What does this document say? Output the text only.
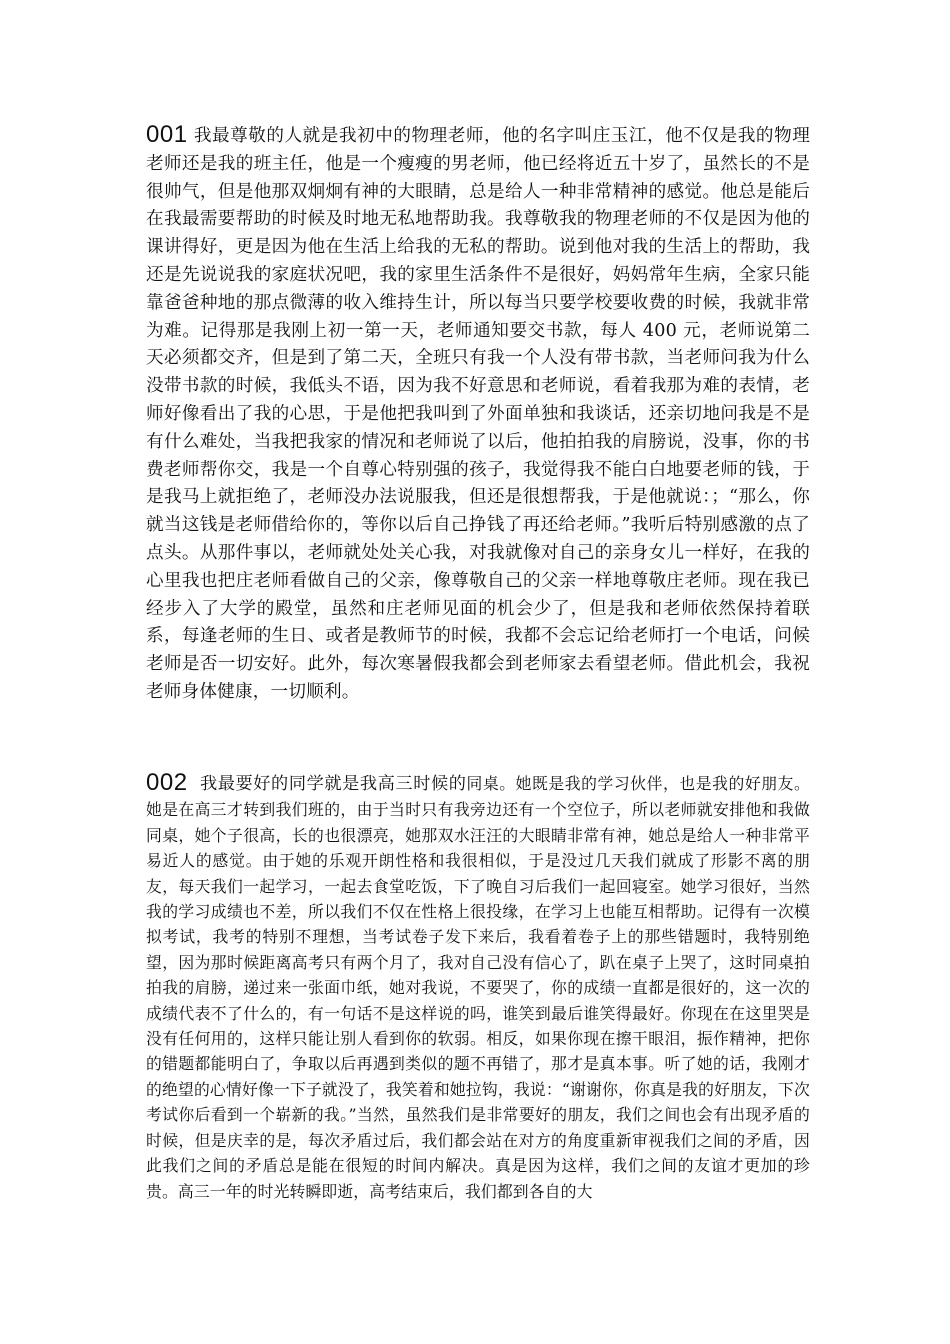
001 我最尊敬的人就是我初中的物理老师，他的名字叫庄玉江，他不仅是我的物理老师还是我的班主任，他是一个瘦瘦的男老师，他已经将近五十岁了，虽然长的不是很帅气，但是他那双炯炯有神的大眼睛，总是给人一种非常精神的感觉。他总是能后在我最需要帮助的时候及时地无私地帮助我。我尊敬我的物理老师的不仅是因为他的课讲得好，更是因为他在生活上给我的无私的帮助。说到他对我的生活上的帮助，我还是先说说我的家庭状况吧，我的家里生活条件不是很好，妈妈常年生病，全家只能靠爸爸种地的那点微薄的收入维持生计，所以每当只要学校要收费的时候，我就非常为难。记得那是我刚上初一第一天，老师通知要交书款，每人 400 元，老师说第二天必须都交齐，但是到了第二天，全班只有我一个人没有带书款，当老师问我为什么没带书款的时候，我低头不语，因为我不好意思和老师说，看着我那为难的表情，老师好像看出了我的心思，于是他把我叫到了外面单独和我谈话，还亲切地问我是不是有什么难处，当我把我家的情况和老师说了以后，他拍拍我的肩膀说，没事，你的书费老师帮你交，我是一个自尊心特别强的孩子，我觉得我不能白白地要老师的钱，于是我马上就拒绝了，老师没办法说服我，但还是很想帮我，于是他就说：；“那么，你就当这钱是老师借给你的，等你以后自己挣钱了再还给老师。”我听后特别感激的点了点头。从那件事以，老师就处处关心我，对我就像对自己的亲身女儿一样好，在我的心里我也把庄老师看做自己的父亲，像尊敬自己的父亲一样地尊敬庄老师。现在我已经步入了大学的殿堂，虽然和庄老师见面的机会少了，但是我和老师依然保持着联系，每逢老师的生日、或者是教师节的时候，我都不会忘记给老师打一个电话，问候老师是否一切安好。此外，每次寒暑假我都会到老师家去看望老师。借此机会，我祝老师身体健康，一切顺利。
002 我最要好的同学就是我高三时候的同桌。她既是我的学习伙伴，也是我的好朋友。她是在高三才转到我们班的，由于当时只有我旁边还有一个空位子，所以老师就安排他和我做同桌，她个子很高，长的也很漂亮，她那双水汪汪的大眼睛非常有神，她总是给人一种非常平易近人的感觉。由于她的乐观开朗性格和我很相似，于是没过几天我们就成了形影不离的朋友，每天我们一起学习，一起去食堂吃饭，下了晚自习后我们一起回寝室。她学习很好，当然我的学习成绩也不差，所以我们不仅在性格上很投缘，在学习上也能互相帮助。记得有一次模拟考试，我考的特别不理想，当考试卷子发下来后，我看着卷子上的那些错题时，我特别绝望，因为那时候距离高考只有两个月了，我对自己没有信心了，趴在桌子上哭了，这时同桌拍拍我的肩膀，递过来一张面巾纸，她对我说，不要哭了，你的成绩一直都是很好的，这一次的成绩代表不了什么的，有一句话不是这样说的吗，谁笑到最后谁笑得最好。你现在在这里哭是没有任何用的，这样只能让别人看到你的软弱。相反，如果你现在擦干眼泪，振作精神，把你的错题都能明白了，争取以后再遇到类似的题不再错了，那才是真本事。听了她的话，我刚才的绝望的心情好像一下子就没了，我笑着和她拉钩，我说：“谢谢你，你真是我的好朋友，下次考试你后看到一个崭新的我。”当然，虽然我们是非常要好的朋友，我们之间也会有出现矛盾的时候，但是庆幸的是，每次矛盾过后，我们都会站在对方的角度重新审视我们之间的矛盾，因此我们之间的矛盾总是能在很短的时间内解决。真是因为这样，我们之间的友谊才更加的珍贵。高三一年的时光转瞬即逝，高考结束后，我们都到各自的大
